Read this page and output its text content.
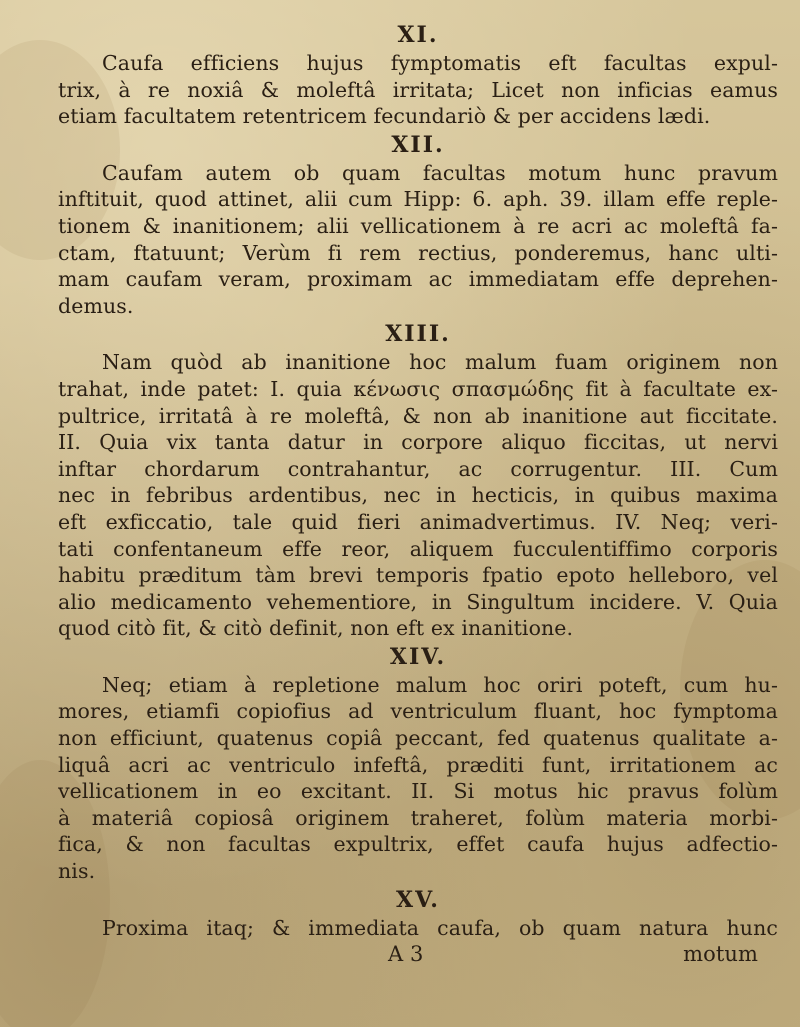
XI.
Caufa efficiens hujus fymptomatis eft facultas expul-
trix, à re noxiâ & moleftâ irritata; Licet non inficias eamus
etiam facultatem retentricem fecundariò & per accidens lædi.
XII.
Caufam autem ob quam facultas motum hunc pravum
inftituit, quod attinet, alii cum Hipp: 6. aph. 39. illam effe reple-
tionem & inanitionem; alii vellicationem à re acri ac moleftâ fa-
ctam, ftatuunt; Verùm fi rem rectius, ponderemus, hanc ulti-
mam caufam veram, proximam ac immediatam effe deprehen-
demus.
XIII.
Nam quòd ab inanitione hoc malum fuam originem non
trahat, inde patet: I. quia κένωσις σπασμώδης fit à facultate ex-
pultrice, irritatâ à re moleftâ, & non ab inanitione aut ficcitate.
II. Quia vix tanta datur in corpore aliquo ficcitas, ut nervi
inftar chordarum contrahantur, ac corrugentur. III. Cum
nec in febribus ardentibus, nec in hecticis, in quibus maxima
eft exficcatio, tale quid fieri animadvertimus. IV. Neq; veri-
tati confentaneum effe reor, aliquem fucculentiffimo corporis
habitu præditum tàm brevi temporis fpatio epoto helleboro, vel
alio medicamento vehementiore, in Singultum incidere. V. Quia
quod citò fit, & citò definit, non eft ex inanitione.
XIV.
Neq; etiam à repletione malum hoc oriri poteft, cum hu-
mores, etiamfi copiofius ad ventriculum fluant, hoc fymptoma
non efficiunt, quatenus copiâ peccant, fed quatenus qualitate a-
liquâ acri ac ventriculo infeftâ, præditi funt, irritationem ac
vellicationem in eo excitant. II. Si motus hic pravus folùm
à materiâ copiosâ originem traheret, folùm materia morbi-
fica, & non facultas expultrix, effet caufa hujus adfectio-
nis.
XV.
Proxima itaq; & immediata caufa, ob quam natura hunc
A 3	motum
